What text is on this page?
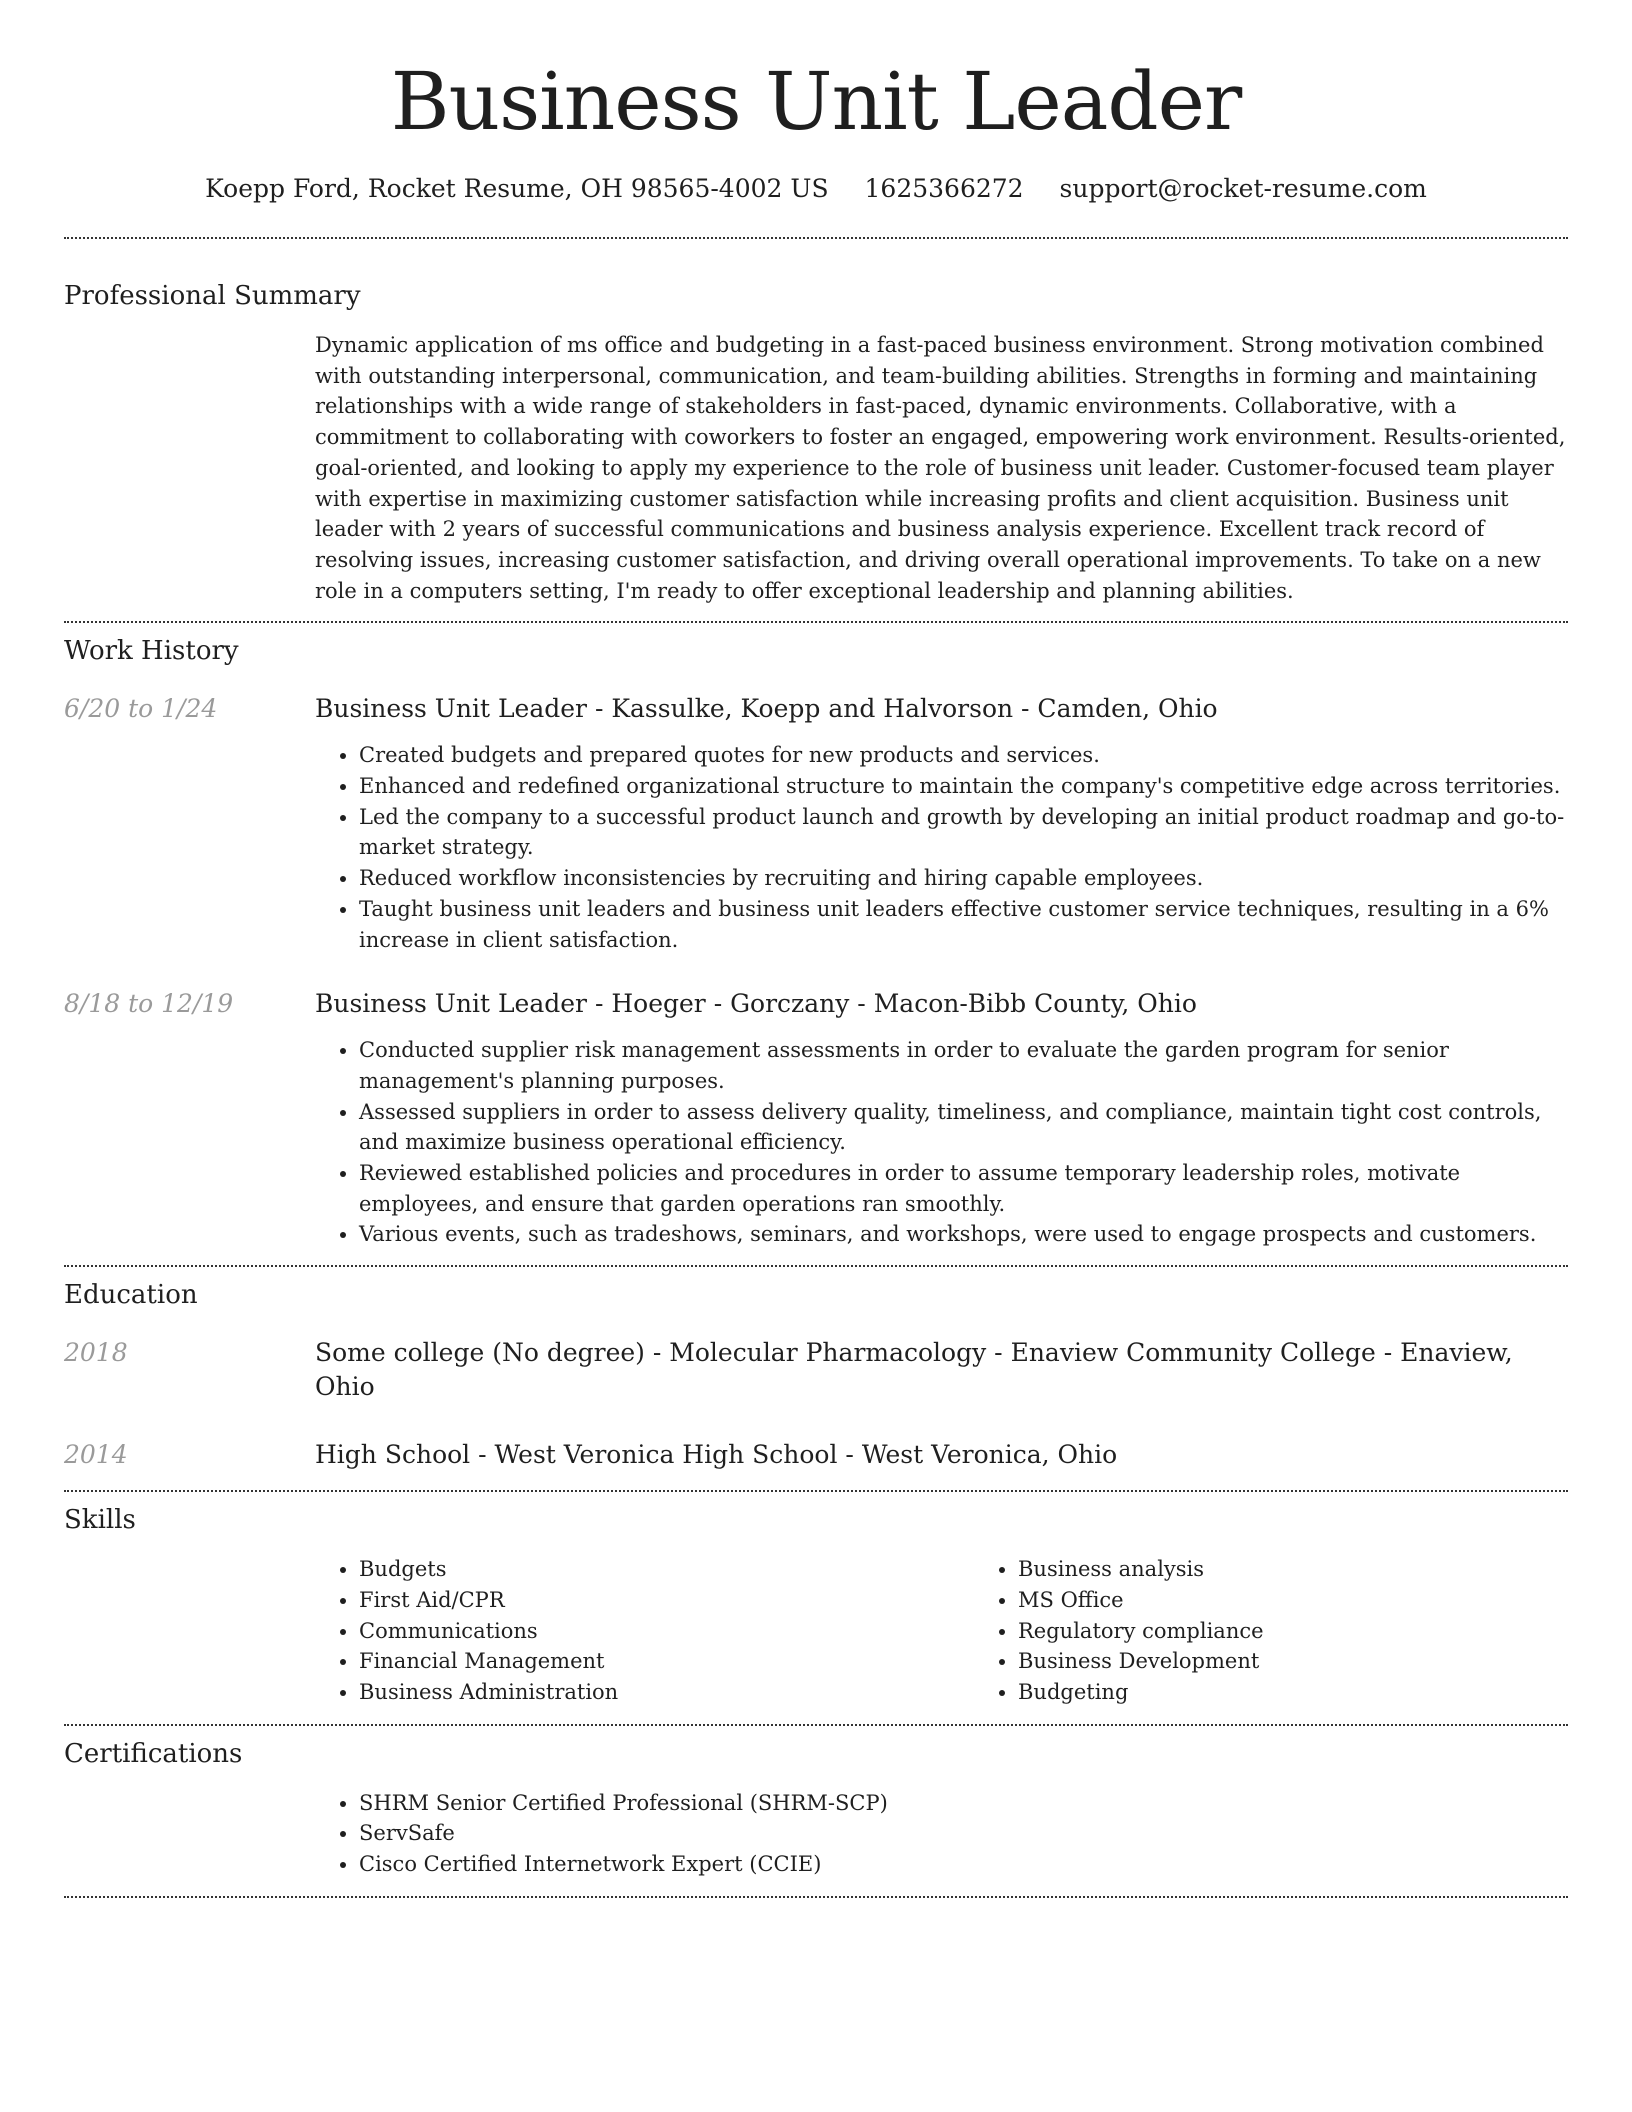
Business Unit Leader
Koepp Ford, Rocket Resume, OH 98565-4002 US 1625366272 support@rocket-resume.com
Professional Summary
Dynamic application of ms office and budgeting in a fast-paced business environment. Strong motivation combined with outstanding interpersonal, communication, and team-building abilities. Strengths in forming and maintaining relationships with a wide range of stakeholders in fast-paced, dynamic environments. Collaborative, with a commitment to collaborating with coworkers to foster an engaged, empowering work environment. Results-oriented, goal-oriented, and looking to apply my experience to the role of business unit leader. Customer-focused team player with expertise in maximizing customer satisfaction while increasing profits and client acquisition. Business unit leader with 2 years of successful communications and business analysis experience. Excellent track record of resolving issues, increasing customer satisfaction, and driving overall operational improvements. To take on a new role in a computers setting, I'm ready to offer exceptional leadership and planning abilities.
Work History
6/20 to 1/24	Business Unit Leader - Kassulke, Koepp and Halvorson - Camden, Ohio
• Created budgets and prepared quotes for new products and services.
• Enhanced and redefined organizational structure to maintain the company's competitive edge across territories.
• Led the company to a successful product launch and growth by developing an initial product roadmap and go-to-market strategy.
• Reduced workflow inconsistencies by recruiting and hiring capable employees.
• Taught business unit leaders and business unit leaders effective customer service techniques, resulting in a 6% increase in client satisfaction.
8/18 to 12/19	Business Unit Leader - Hoeger - Gorczany - Macon-Bibb County, Ohio
• Conducted supplier risk management assessments in order to evaluate the garden program for senior management's planning purposes.
• Assessed suppliers in order to assess delivery quality, timeliness, and compliance, maintain tight cost controls, and maximize business operational efficiency.
• Reviewed established policies and procedures in order to assume temporary leadership roles, motivate employees, and ensure that garden operations ran smoothly.
• Various events, such as tradeshows, seminars, and workshops, were used to engage prospects and customers.
Education
2018	Some college (No degree) - Molecular Pharmacology - Enaview Community College - Enaview, Ohio
2014	High School - West Veronica High School - West Veronica, Ohio
Skills
• Budgets
• First Aid/CPR
• Communications
• Financial Management
• Business Administration
• Business analysis
• MS Office
• Regulatory compliance
• Business Development
• Budgeting
Certifications
• SHRM Senior Certified Professional (SHRM-SCP)
• ServSafe
• Cisco Certified Internetwork Expert (CCIE)
